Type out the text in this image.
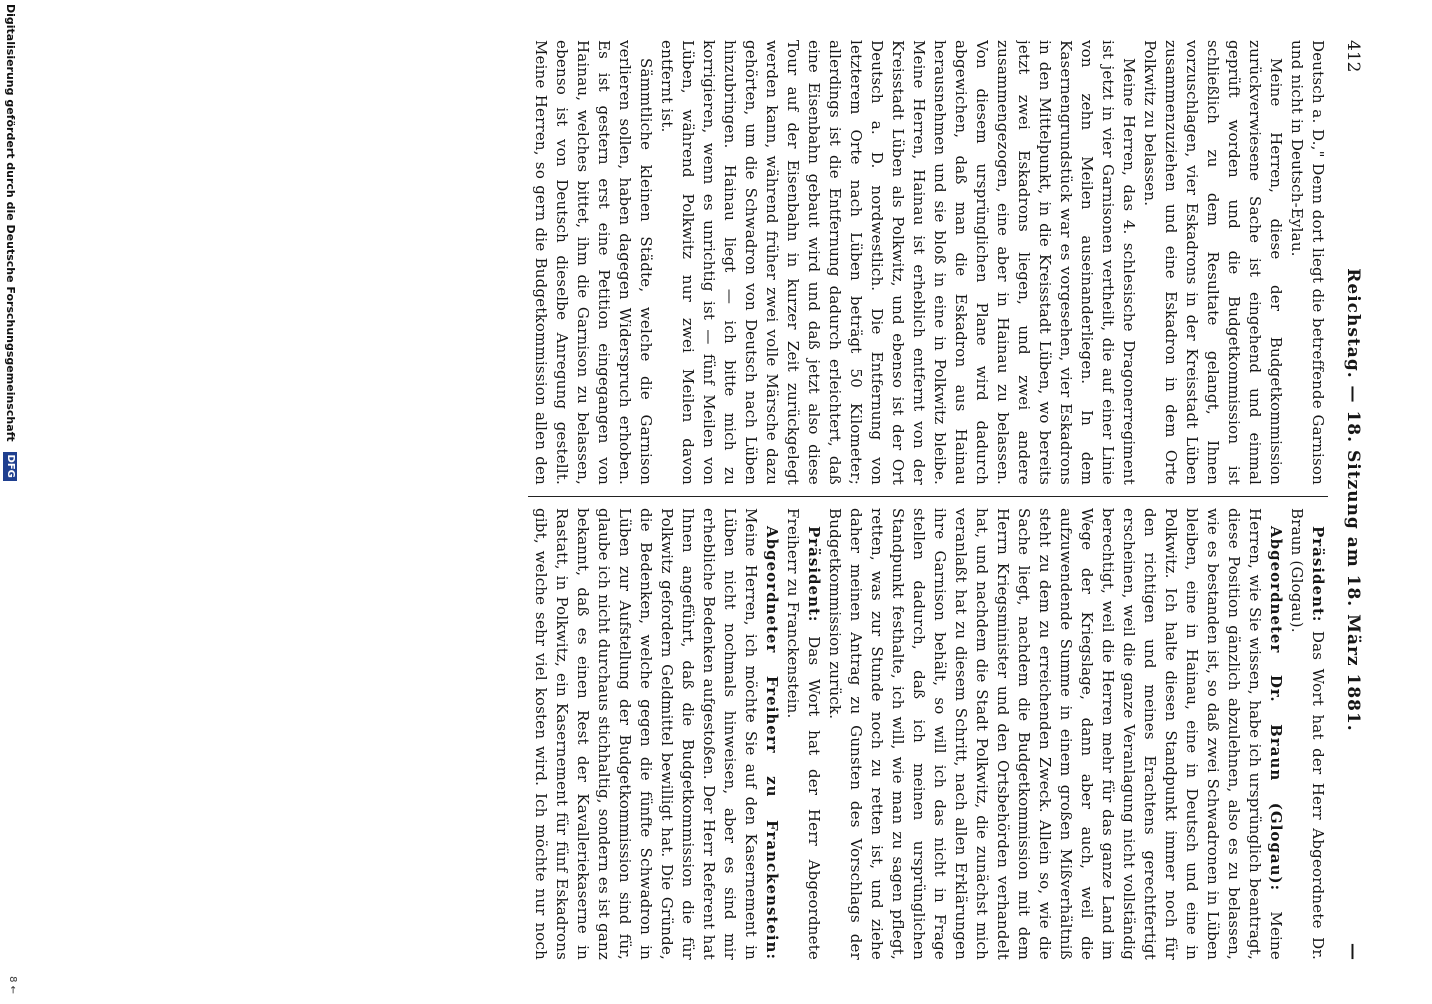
412
Reichstag. — 18. Sitzung am 18. März 1881.
—

Deutsch a. D.," Denn dort liegt die betreffende Garnison und nicht in Deutsch-Eylau.

Meine Herren, diese der Budgetkommission zurückverwiesene Sache ist eingehend und einmal geprüft worden und die Budgetkommission ist schließlich zu dem Resultate gelangt, Ihnen vorzuschlagen, vier Eskadrons in der Kreisstadt Lüben zusammenzuziehen und eine Eskadron in dem Orte Polkwitz zu belassen.

Meine Herren, das 4. schlesische Dragonerregiment ist jetzt in vier Garnisonen vertheilt, die auf einer Linie von zehn Meilen auseinanderliegen. In dem Kasernengrundstück war es vorgesehen, vier Eskadrons in den Mittelpunkt, in die Kreisstadt Lüben, wo bereits jetzt zwei Eskadrons liegen, und zwei andere zusammengezogen, eine aber in Hainau zu belassen. Von diesem ursprünglichen Plane wird dadurch abgewichen, daß man die Eskadron aus Hainau herausnehmen und sie bloß in eine in Polkwitz bleibe. Meine Herren, Hainau ist erheblich entfernt von der Kreisstadt Lüben als Polkwitz, und ebenso ist der Ort Deutsch a. D. nordwestlich. Die Entfernung von letzterem Orte nach Lüben beträgt 50 Kilometer; allerdings ist die Entfernung dadurch erleichtert, daß eine Eisenbahn gebaut wird und daß jetzt also diese Tour auf der Eisenbahn in kurzer Zeit zurückgelegt werden kann, während früher zwei volle Märsche dazu gehörten, um die Schwadron von Deutsch nach Lüben hinzubringen. Hainau liegt — ich bitte mich zu korrigieren, wenn es unrichtig ist — fünf Meilen von Lüben, während Polkwitz nur zwei Meilen davon entfernt ist.

Sämmtliche kleinen Städte, welche die Garnison verlieren sollen, haben dagegen Widerspruch erhoben. Es ist gestern erst eine Petition eingegangen von Hainau, welches bittet, ihm die Garnison zu belassen, ebenso ist von Deutsch dieselbe Anregung gestellt. Meine Herren, so gern die Budgetkommission allen den

Präsident: Das Wort hat der Herr Abgeordnete Dr. Braun (Glogau).

Abgeordneter Dr. Braun (Glogau): Meine Herren, wie Sie wissen, habe ich ursprünglich beantragt, diese Position gänzlich abzulehnen, also es zu belassen, wie es bestanden ist, so daß zwei Schwadronen in Lüben bleiben, eine in Hainau, eine in Deutsch und eine in Polkwitz. Ich halte diesen Standpunkt immer noch für den richtigen und meines Erachtens gerechtfertigt erscheinen, weil die ganze Veranlagung nicht vollständig berechtigt, weil die Herren mehr für das ganze Land im Wege der Kriegslage, dann aber auch, weil die aufzuwendende Summe in einem großen Mißverhältniß steht zu dem zu erreichenden Zweck. Allein so, wie die Sache liegt, nachdem die Budgetkommission mit dem Herrn Kriegsminister und den Ortsbehörden verhandelt hat, und nachdem die Stadt Polkwitz, die zunächst mich veranlaßt hat zu diesem Schritt, nach allen Erklärungen ihre Garnison behält, so will ich das nicht in Frage stellen dadurch, daß ich meinen ursprünglichen Standpunkt festhalte, ich will, wie man zu sagen pflegt, retten, was zur Stunde noch zu retten ist, und ziehe daher meinen Antrag zu Gunsten des Vorschlags der Budgetkommission zurück.

Präsident: Das Wort hat der Herr Abgeordnete Freiherr zu Franckenstein.

Abgeordneter Freiherr zu Franckenstein: Meine Herren, ich möchte Sie auf den Kasernement in Lüben nicht nochmals hinweisen, aber es sind mir erhebliche Bedenken aufgestoßen. Der Herr Referent hat Ihnen angeführt, daß die Budgetkommission die für Polkwitz gefordern Geldmittel bewilligt hat. Die Gründe, die Bedenken, welche gegen die fünfte Schwadron in Lüben zur Aufstellung der Budgetkommission sind für, glaube ich nicht durchaus stichhaltig, sondern es ist ganz bekannt, daß es einen Rest der Kavalleriekaserne in Rastatt, in Polkwitz, ein Kasernement für fünf Eskadrons gibt, welche sehr viel kosten wird. Ich möchte nur noch

Digitalisierung gefördert durch die Deutsche Forschungsgemeinschaft DFG
8 ←
